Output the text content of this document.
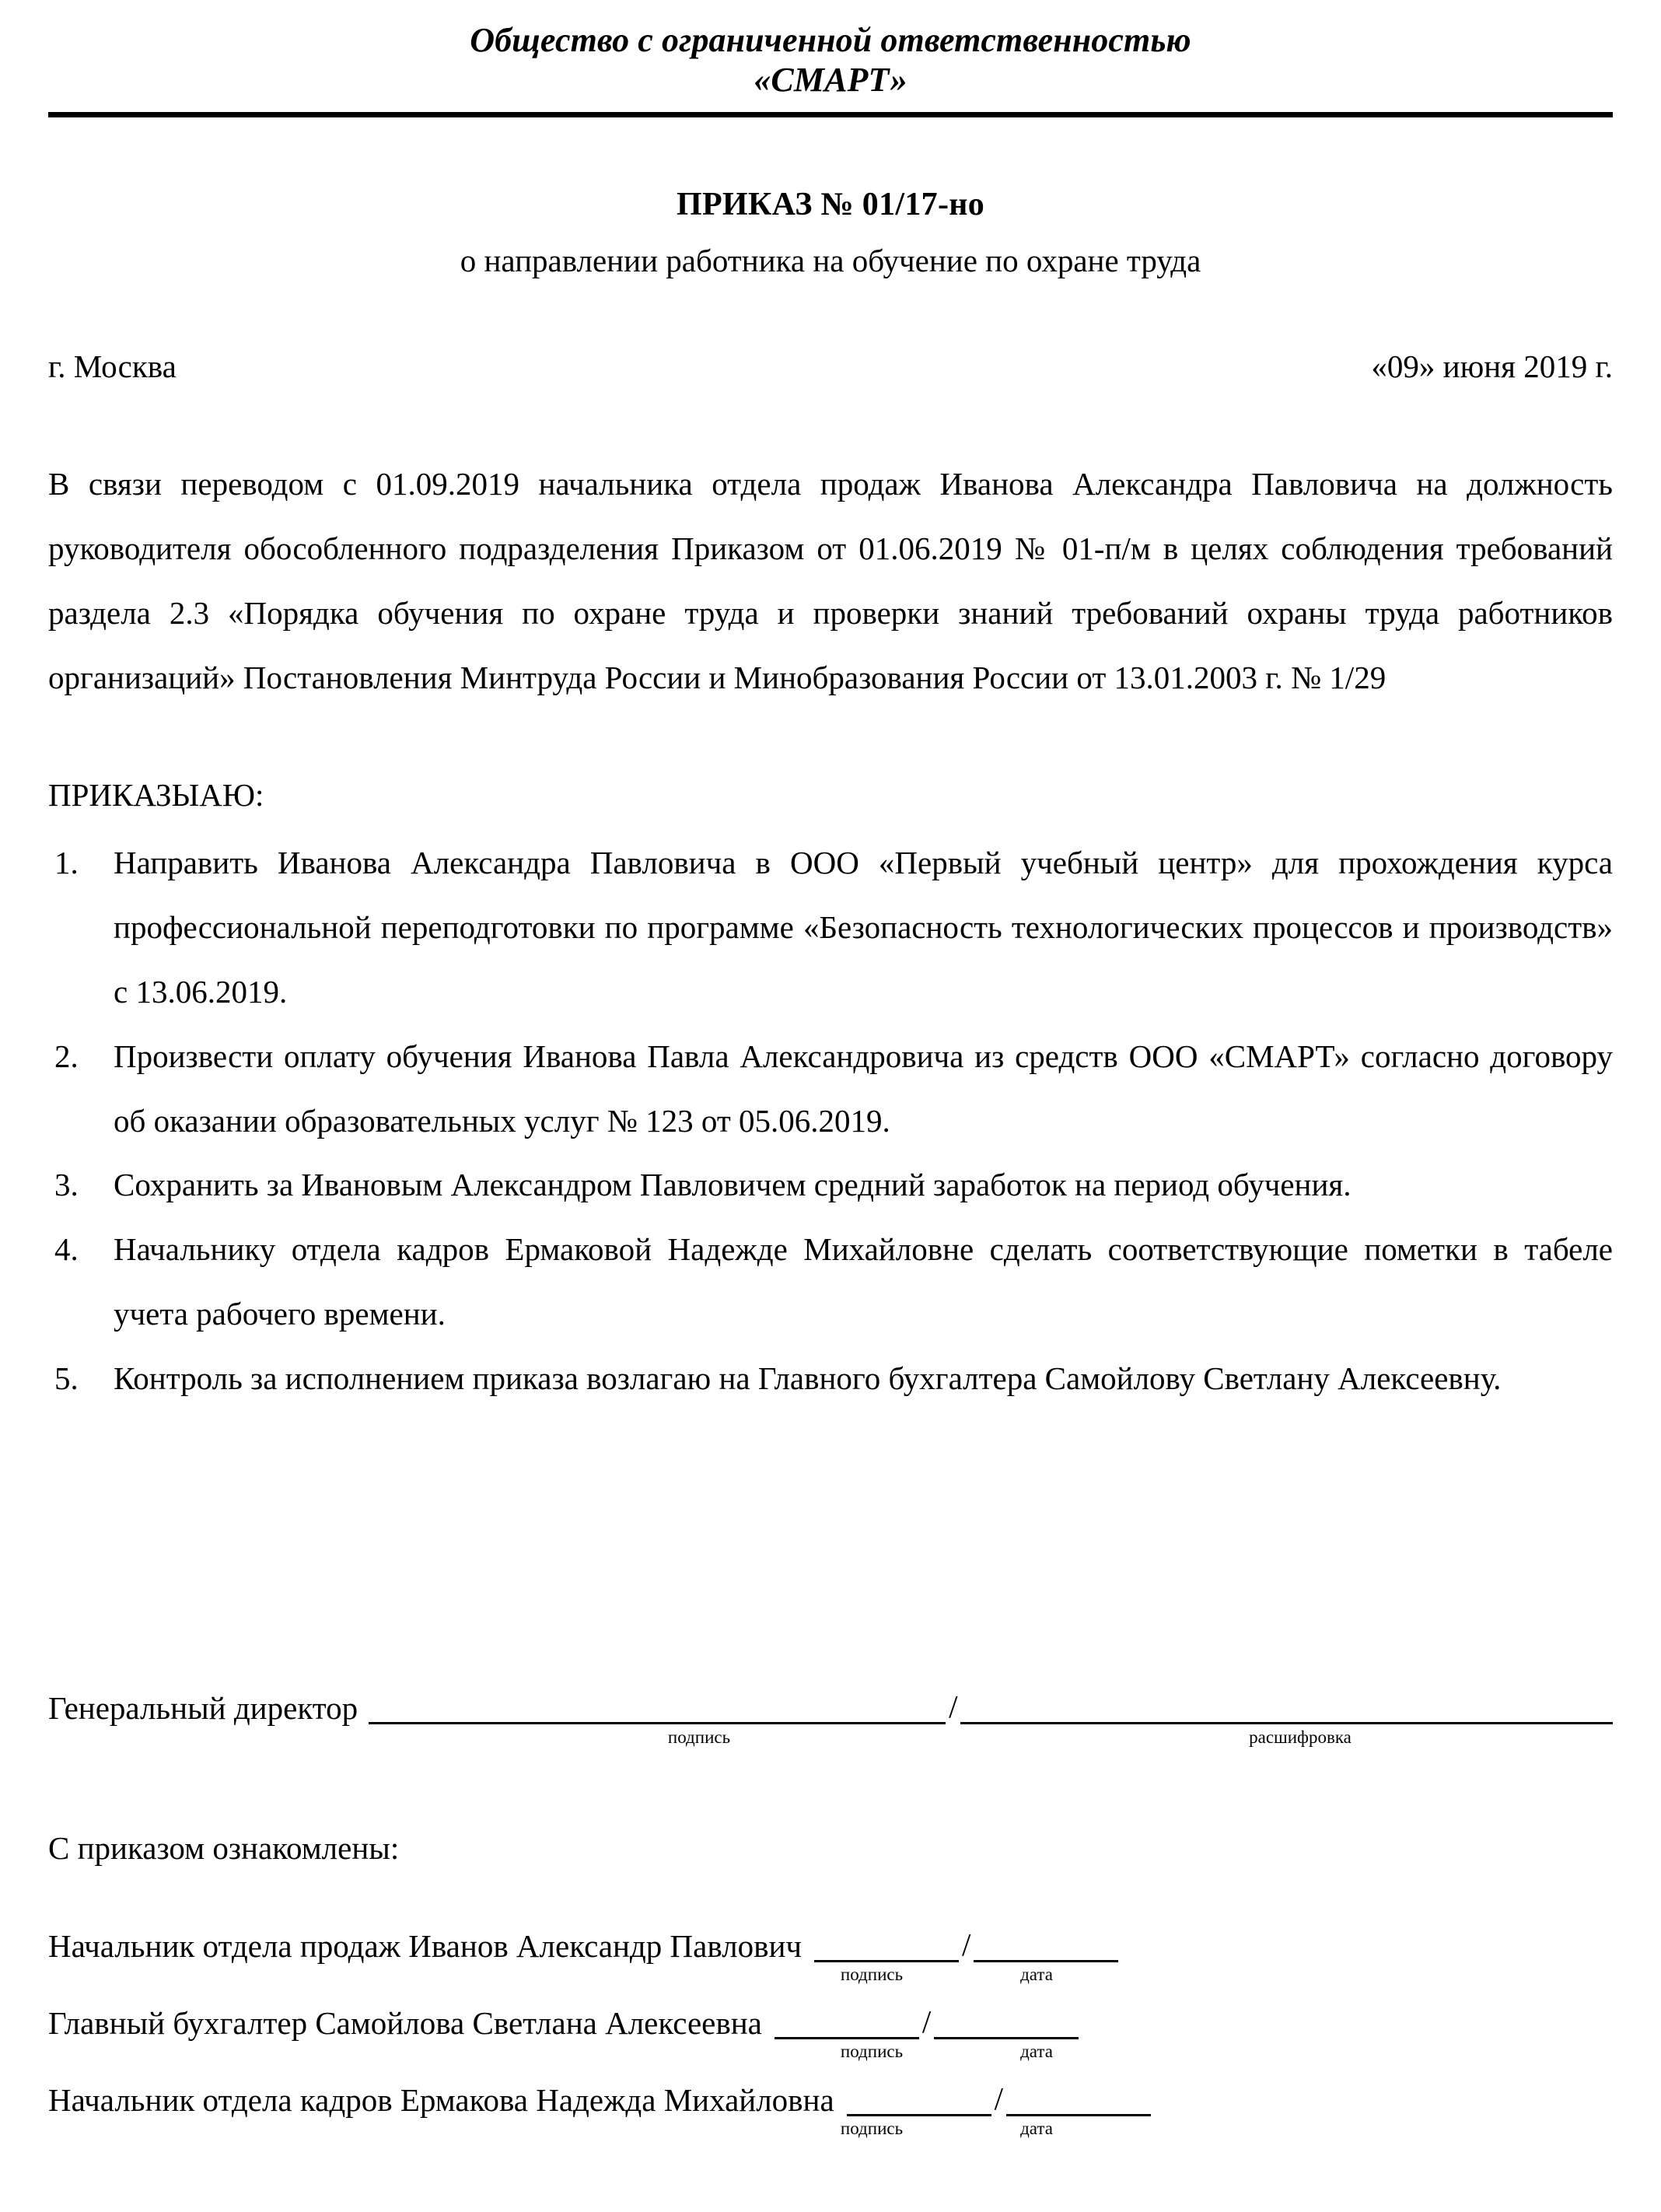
Общество с ограниченной ответственностью
«СМАРТ»
ПРИКАЗ № 01/17-но
о направлении работника на обучение по охране труда
г. Москва	«09» июня 2019 г.
В связи переводом с 01.09.2019 начальника отдела продаж Иванова Александра Павловича на должность руководителя обособленного подразделения Приказом от 01.06.2019 № 01-п/м в целях соблюдения требований раздела 2.3 «Порядка обучения по охране труда и проверки знаний требований охраны труда работников организаций» Постановления Минтруда России и Минобразования России от 13.01.2003 г. № 1/29
ПРИКАЗЫАЮ:
Направить Иванова Александра Павловича в ООО «Первый учебный центр» для прохождения курса профессиональной переподготовки по программе «Безопасность технологических процессов и производств» с 13.06.2019.
Произвести оплату обучения Иванова Павла Александровича из средств ООО «СМАРТ» согласно договору об оказании образовательных услуг № 123 от 05.06.2019.
Сохранить за Ивановым Александром Павловичем средний заработок на период обучения.
Начальнику отдела кадров Ермаковой Надежде Михайловне сделать соответствующие пометки в табеле учета рабочего времени.
Контроль за исполнением приказа возлагаю на Главного бухгалтера Самойлову Светлану Алексеевну.
Генеральный директор	/
подпись	расшифровка
С приказом ознакомлены:
Начальник отдела продаж Иванов Александр Павлович	/
подпись	дата
Главный бухгалтер Самойлова Светлана Алексеевна	/
подпись	дата
Начальник отдела кадров Ермакова Надежда Михайловна	/
подпись	дата
